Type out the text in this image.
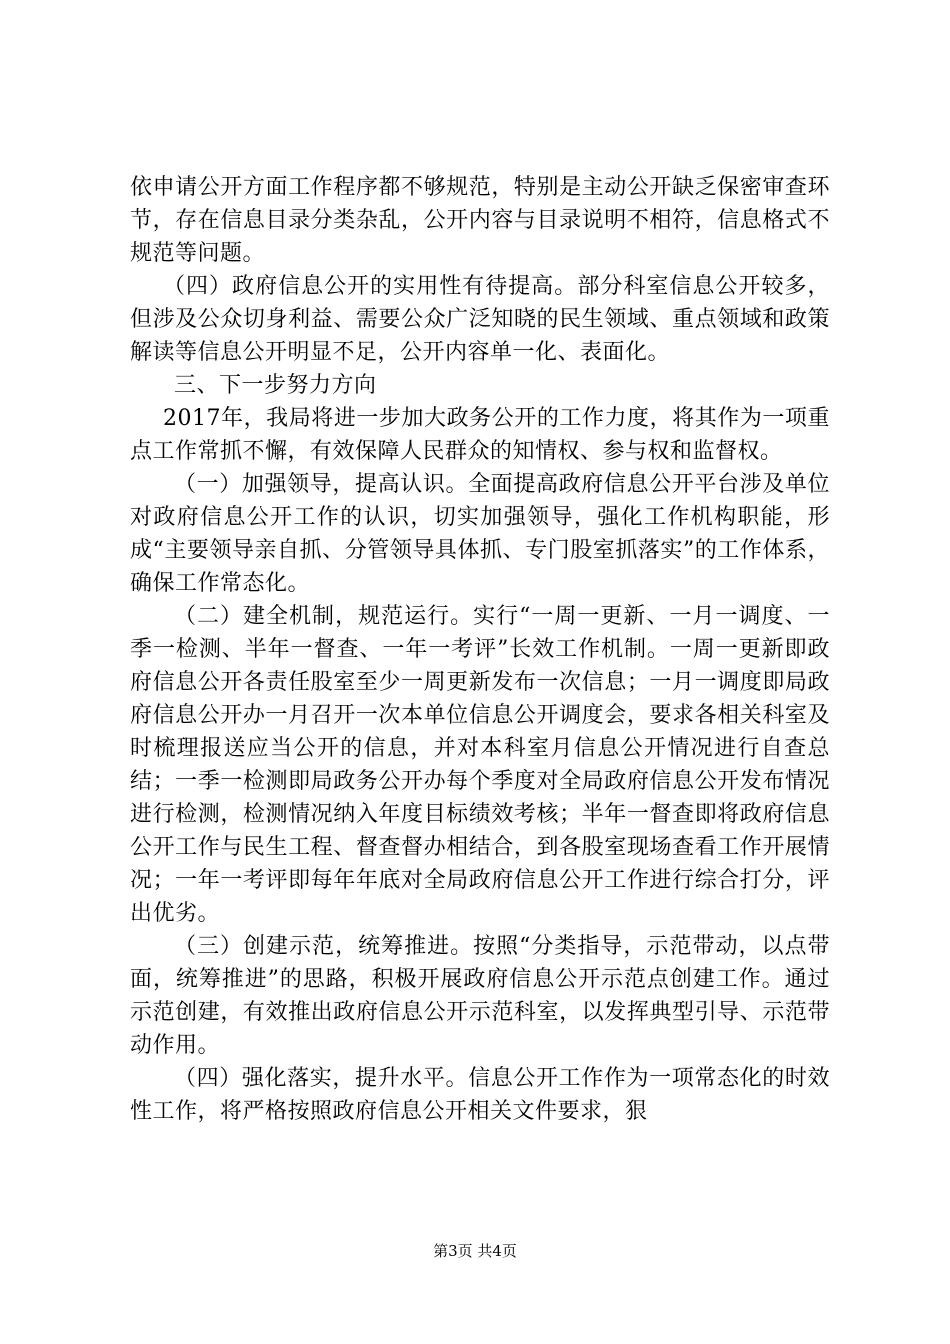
依申请公开方面工作程序都不够规范，特别是主动公开缺乏保密审查环节，存在信息目录分类杂乱，公开内容与目录说明不相符，信息格式不规范等问题。

（四）政府信息公开的实用性有待提高。部分科室信息公开较多，但涉及公众切身利益、需要公众广泛知晓的民生领域、重点领域和政策解读等信息公开明显不足，公开内容单一化、表面化。

三、下一步努力方向

2017年，我局将进一步加大政务公开的工作力度，将其作为一项重点工作常抓不懈，有效保障人民群众的知情权、参与权和监督权。

（一）加强领导，提高认识。全面提高政府信息公开平台涉及单位对政府信息公开工作的认识，切实加强领导，强化工作机构职能，形成“主要领导亲自抓、分管领导具体抓、专门股室抓落实”的工作体系，确保工作常态化。

（二）建全机制，规范运行。实行“一周一更新、一月一调度、一季一检测、半年一督查、一年一考评”长效工作机制。一周一更新即政府信息公开各责任股室至少一周更新发布一次信息；一月一调度即局政府信息公开办一月召开一次本单位信息公开调度会，要求各相关科室及时梳理报送应当公开的信息，并对本科室月信息公开情况进行自查总结；一季一检测即局政务公开办每个季度对全局政府信息公开发布情况进行检测，检测情况纳入年度目标绩效考核；半年一督查即将政府信息公开工作与民生工程、督查督办相结合，到各股室现场查看工作开展情况；一年一考评即每年年底对全局政府信息公开工作进行综合打分，评出优劣。

（三）创建示范，统筹推进。按照“分类指导，示范带动，以点带面，统筹推进”的思路，积极开展政府信息公开示范点创建工作。通过示范创建，有效推出政府信息公开示范科室，以发挥典型引导、示范带动作用。

（四）强化落实，提升水平。信息公开工作作为一项常态化的时效性工作，将严格按照政府信息公开相关文件要求，狠

第3页 共4页
